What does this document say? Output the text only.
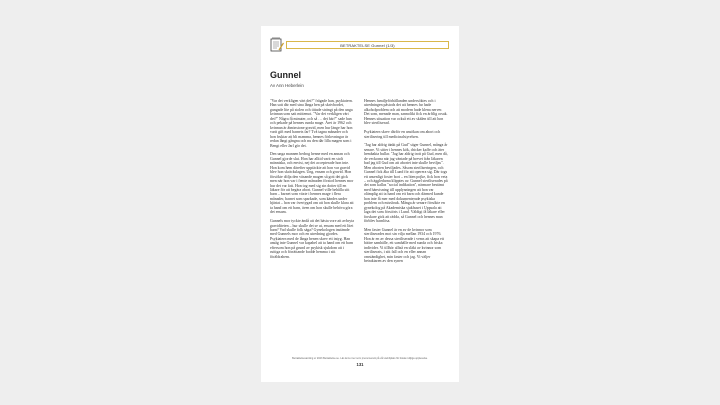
BETRAKTELSE Gunnel (1/3)
Gunnel

Av Ann Heberlein

"Var det verkligen värt det?" frågade han, psykiatern. Han satt där med sina långa ben på skrivbordet, gungade lite på stolen och tittade strängt på den unga kvinnan som satt mittemot. "Var det verkligen värt det?" Några få minuter, och så … det här?" sade han och pekade på hennes runda mage. Året är 1962 och kvinnan är åtminstone gravid, men hur länge har hon varit gift med barnets far? Två tagna månader och hon fruktar att bli mamma, hennes förlovningar är redan långt gångna och nu den där lilla magen som i Bengt eller Jarl gör det.

Den unga mannen bedrog henne med en annan och Gunnel gjorde slut. Hon har alltid varit en stolt människa, och envist, nej det accepterade hon inte. Hon kom hem därefter upptäckte att hon var gravid blev hon skräckslagen. Ung, ensam och gravid. Hon försökte dölja den växande magen så gott det gick men när hon var i femte månaden förstod hennes mor hur det var fatt. Hon tog med sig sin dotter till en läkare för att begära abort. Gunnel ville behålla sitt barn – barnet som växte i hennes mage i flera månader, barnet som sparkade, som kändes under hjärtat – hon var övertygad om att hon skulle klara att ta hand om ett barn, även om hon skulle behöva göra det ensam.

Gunnels mor tyckte ändå att det bästa vore att avbryta graviditeten – hur skulle det se ut, ensam med ett litet barn? Vad skulle folk säga? Gynekologen instämde med Gunnels mor och en utredning gjordes. Psykiatern med de långa benen skrev ett intyg. Han ansåg inte Gunnel var kapabel att ta hand om ett barn eftersom hon på grund av psykisk sjukdom att i ruttiga och förrättande bodde hemma i sitt föräldrahem.

Hennes familjeförhållanden undersöktes och i utredningen påstods det att hennes far hade alkoholproblem och att modern hade klena nerver. Det som, menade man, sannolikt fick en ärftlig orsak. Hennes situation var också ett av skälen till att hon blev steriliserad.

Psykiatern skrev därför en ansökan om abort och sterilisering till medicinalstyrelsen.

"Jag har aldrig tänkt på Gud" säger Gunnel, många år senare. Vi sitter i hennes kök, dricker kaffe och äter hembakta bullar. "Jag har aldrig trott på Gud, men då, de veckorna när jag väntade på brevet från läkaren bad jag till Gud om att abortet inte skulle beviljas". Men aborten beviljades. Såsom steriliseringen, och Gunnel fick åka till Lund för att operera sig. Där togs ett ansenligt foster bort – en liten pojke, fick hon veta – och äggledarna klipptes av. Gunnel steriliserades på det som kallas "social indikation", närmare bestämt med hänvisning till upplysningen att hon var olämplig att ta hand om ett barn och därmed kunde hon inte få mer med dokumenterade psykiska problem och missbruk. Många år senare försökte en gynekolog på Akademiska sjukhuset i Uppsala att laga det som förstörts i Lund. Väldigt få läkare eller forskare gick att rädda, så Gunnel och hennes man förblev barnlösa.

Men faster Gunnel är en av de kvinnor som steriliserades mot sin vilja mellan 1934 och 1976. Hon är en av dessa steriliserade i vems att skapa ett bättre samhälle, ett samhälle med sunda och friska individer. Vi tillhör alltså en släkt av kvinnor som steriliserats, i sitt fall och en eller annan omständighet, min faster och jag. Vi väljer betraktaren av den synen

Betraktelsesamling ur 2023 Betraktelse.se. Läs ännu mer som prenumerant på vår webbplats för bästa möjliga upplevelse.
131
